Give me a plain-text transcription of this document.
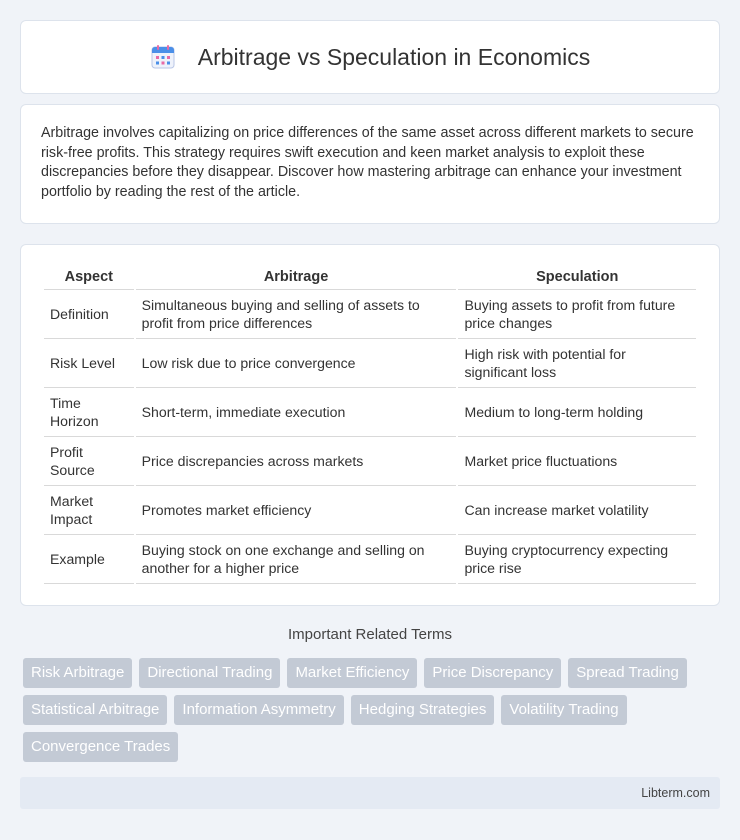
Arbitrage vs Speculation in Economics

Arbitrage involves capitalizing on price differences of the same asset across different markets to secure risk-free profits. This strategy requires swift execution and keen market analysis to exploit these discrepancies before they disappear. Discover how mastering arbitrage can enhance your investment portfolio by reading the rest of the article.

Aspect	Arbitrage	Speculation
Definition	Simultaneous buying and selling of assets to profit from price differences	Buying assets to profit from future price changes
Risk Level	Low risk due to price convergence	High risk with potential for significant loss
Time Horizon	Short-term, immediate execution	Medium to long-term holding
Profit Source	Price discrepancies across markets	Market price fluctuations
Market Impact	Promotes market efficiency	Can increase market volatility
Example	Buying stock on one exchange and selling on another for a higher price	Buying cryptocurrency expecting price rise
Important Related Terms
Risk Arbitrage	Directional Trading	Market Efficiency	Price Discrepancy	Spread Trading
Statistical Arbitrage	Information Asymmetry	Hedging Strategies	Volatility Trading
Convergence Trades
Libterm.com
